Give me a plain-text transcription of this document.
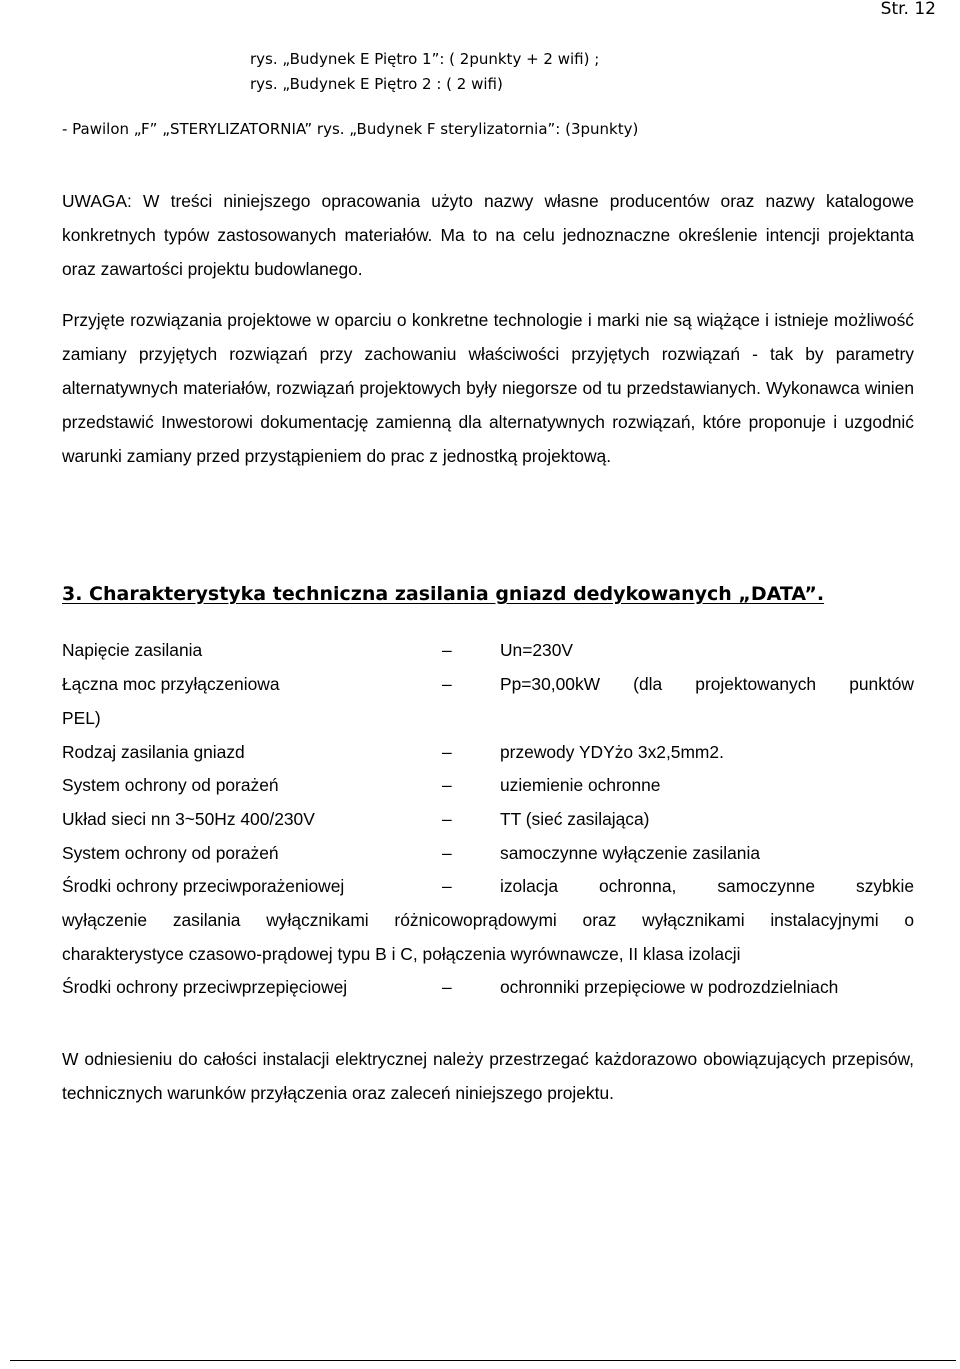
Str. 12

rys. „Budynek E Piętro 1”: ( 2punkty + 2 wifi) ;

rys. „Budynek E Piętro 2 : ( 2 wifi)

- Pawilon „F” „STERYLIZATORNIA” rys. „Budynek F sterylizatornia”: (3punkty)

UWAGA: W treści niniejszego opracowania użyto nazwy własne producentów oraz nazwy katalogowe konkretnych typów zastosowanych materiałów. Ma to na celu jednoznaczne określenie intencji projektanta oraz zawartości projektu budowlanego.

Przyjęte rozwiązania projektowe w oparciu o konkretne technologie i marki nie są wiążące i istnieje możliwość zamiany przyjętych rozwiązań przy zachowaniu właściwości przyjętych rozwiązań - tak by parametry alternatywnych materiałów, rozwiązań projektowych były niegorsze od tu przedstawianych. Wykonawca winien przedstawić Inwestorowi dokumentację zamienną dla alternatywnych rozwiązań, które proponuje i uzgodnić warunki zamiany przed przystąpieniem do prac z jednostką projektową.

3. Charakterystyka techniczna zasilania gniazd dedykowanych „DATA”.

Napięcie zasilania	–	Un=230V
Łączna moc przyłączeniowa	–	Pp=30,00kW (dla projektowanych punktów
PEL)
Rodzaj zasilania gniazd	–	przewody YDYżo 3x2,5mm2.
System ochrony od porażeń	–	uziemienie ochronne
Układ sieci nn 3~50Hz 400/230V	–	TT (sieć zasilająca)
System ochrony od porażeń	–	samoczynne wyłączenie zasilania
Środki ochrony przeciwporażeniowej	–	izolacja ochronna, samoczynne szybkie
wyłączenie zasilania wyłącznikami różnicowoprądowymi oraz wyłącznikami instalacyjnymi o
charakterystyce czasowo-prądowej typu B i C, połączenia wyrównawcze, II klasa izolacji
Środki ochrony przeciwprzepięciowej	–	ochronniki przepięciowe w podrozdzielniach

W odniesieniu do całości instalacji elektrycznej należy przestrzegać każdorazowo obowiązujących przepisów, technicznych warunków przyłączenia oraz zaleceń niniejszego projektu.
